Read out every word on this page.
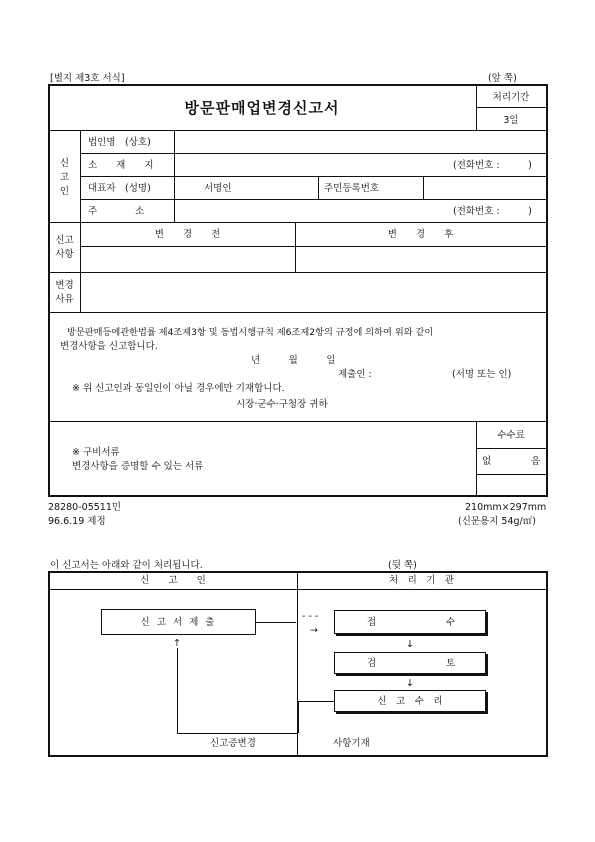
[별지 제3호 서식]	(앞 쪽)
방문판매업변경신고서
처리기간
3일
신
고
인
법인명　(상호)
소　　재　　지	(전화번호 :　　　)
대표자　(성명)	서명인	주민등록번호
주　　　　소	(전화번호 :　　　)
신고
사항
변　　경　　전	변　　경　　후
변경
사유
방문판매등에관한법률 제4조제3항 및 동법시행규칙 제6조제2항의 규정에 의하여 위와 같이
변경사항을 신고합니다.
년　　　월　　　일
제출인 :	(서명 또는 인)
※ 위 신고인과 동일인이 아닐 경우에만 기재합니다.
시장·군수·구청장 귀하
※ 구비서류
변경사항을 증명할 수 있는 서류
수수료
없	음
28280-05511민
96.6.19 제정
210mm×297mm
(신문용지 54g/㎡)
이 신고서는 아래와 같이 처리됩니다.	(뒷 쪽)
신　　고　　인	처　리　기　관
신 고 서 제 출
- - -
→
접	수
↓
검	토
↓
신　고　수　리
↑
신고증변경	사항기재
